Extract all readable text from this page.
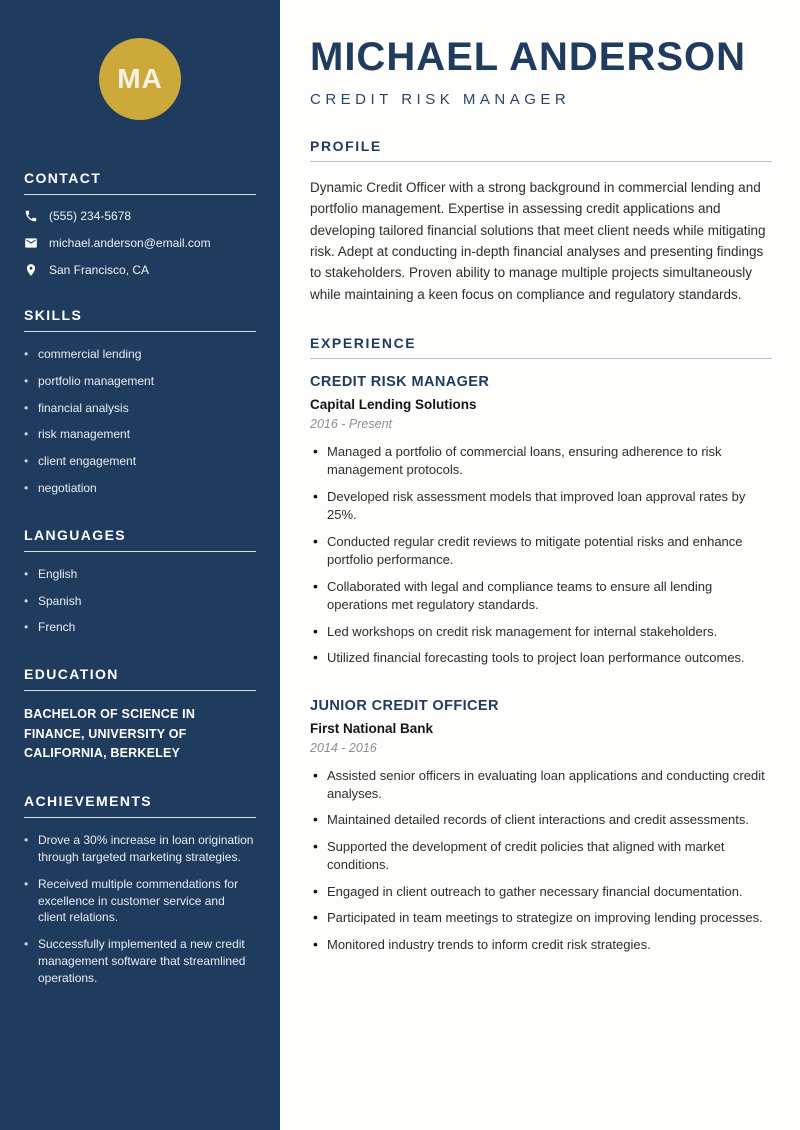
MA
CONTACT
(555) 234-5678
michael.anderson@email.com
San Francisco, CA
SKILLS
• commercial lending
• portfolio management
• financial analysis
• risk management
• client engagement
• negotiation
LANGUAGES
• English
• Spanish
• French
EDUCATION

BACHELOR OF SCIENCE IN FINANCE, UNIVERSITY OF CALIFORNIA, BERKELEY

ACHIEVEMENTS
• Drove a 30% increase in loan origination through targeted marketing strategies.
• Received multiple commendations for excellence in customer service and client relations.
• Successfully implemented a new credit management software that streamlined operations.
MICHAEL ANDERSON
CREDIT RISK MANAGER
PROFILE

Dynamic Credit Officer with a strong background in commercial lending and portfolio management. Expertise in assessing credit applications and developing tailored financial solutions that meet client needs while mitigating risk. Adept at conducting in-depth financial analyses and presenting findings to stakeholders. Proven ability to manage multiple projects simultaneously while maintaining a keen focus on compliance and regulatory standards.

EXPERIENCE
CREDIT RISK MANAGER
Capital Lending Solutions
2016 - Present
• Managed a portfolio of commercial loans, ensuring adherence to risk management protocols.
• Developed risk assessment models that improved loan approval rates by 25%.
• Conducted regular credit reviews to mitigate potential risks and enhance portfolio performance.
• Collaborated with legal and compliance teams to ensure all lending operations met regulatory standards.
• Led workshops on credit risk management for internal stakeholders.
• Utilized financial forecasting tools to project loan performance outcomes.
JUNIOR CREDIT OFFICER
First National Bank
2014 - 2016
• Assisted senior officers in evaluating loan applications and conducting credit analyses.
• Maintained detailed records of client interactions and credit assessments.
• Supported the development of credit policies that aligned with market conditions.
• Engaged in client outreach to gather necessary financial documentation.
• Participated in team meetings to strategize on improving lending processes.
• Monitored industry trends to inform credit risk strategies.
